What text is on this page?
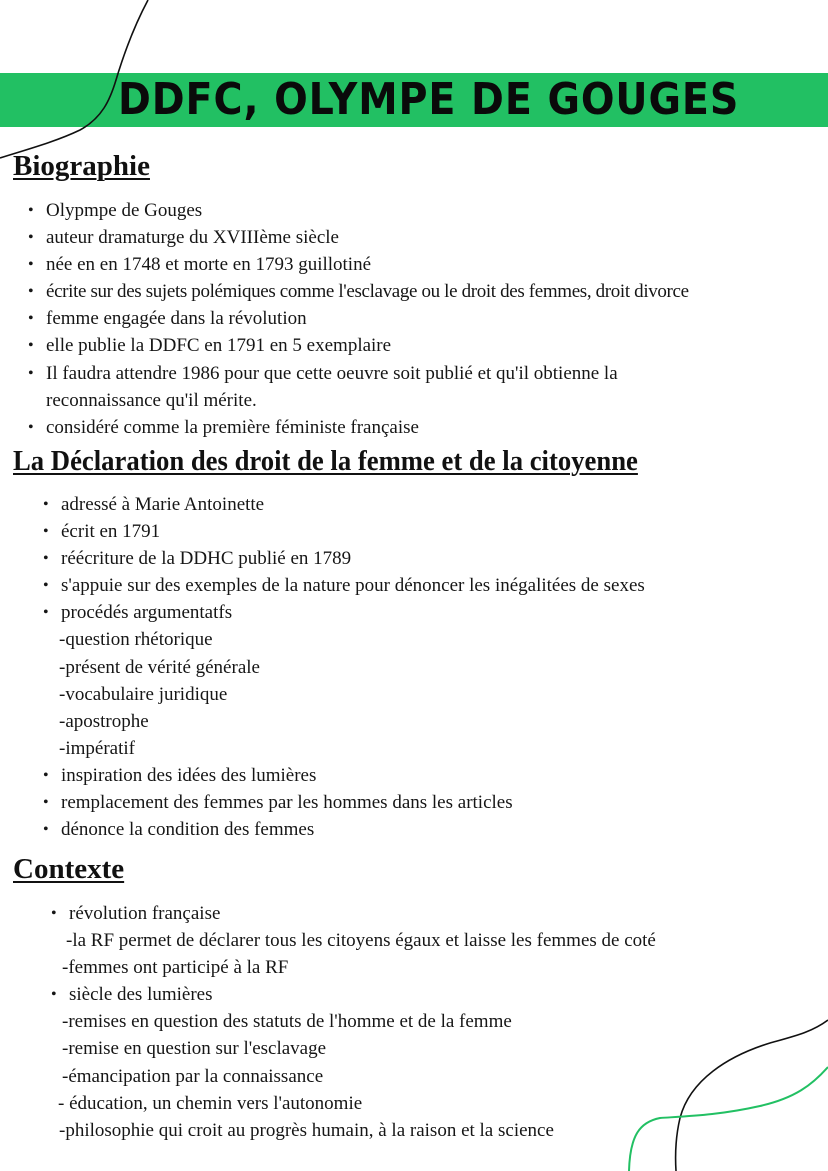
DDFC, OLYMPE DE GOUGES
Biographie
• Olypmpe de Gouges
• auteur dramaturge du XVIIIème siècle
• née en en 1748 et morte en 1793 guillotiné
• écrite sur des sujets polémiques comme l'esclavage ou le droit des femmes, droit divorce
• femme engagée dans la révolution
• elle publie la DDFC en 1791 en 5 exemplaire
• Il faudra attendre 1986 pour que cette oeuvre soit publié et qu'il obtienne la reconnaissance qu'il mérite.
• considéré comme la première féministe française
La Déclaration des droit de la femme et de la citoyenne
• adressé à Marie Antoinette
• écrit en 1791
• réécriture de la DDHC publié en 1789
• s'appuie sur des exemples de la nature pour dénoncer les inégalitées de sexes
• procédés argumentatfs
-question rhétorique
-présent de vérité générale
-vocabulaire juridique
-apostrophe
-impératif
• inspiration des idées des lumières
• remplacement des femmes par les hommes dans les articles
• dénonce la condition des femmes
Contexte
• révolution française
-la RF permet de déclarer tous les citoyens égaux et laisse les femmes de coté
-femmes ont participé à la RF
• siècle des lumières
-remises en question des statuts de l'homme et de la femme
-remise en question sur l'esclavage
-émancipation par la connaissance
- éducation, un chemin vers l'autonomie
-philosophie qui croit au progrès humain, à la raison et la science
